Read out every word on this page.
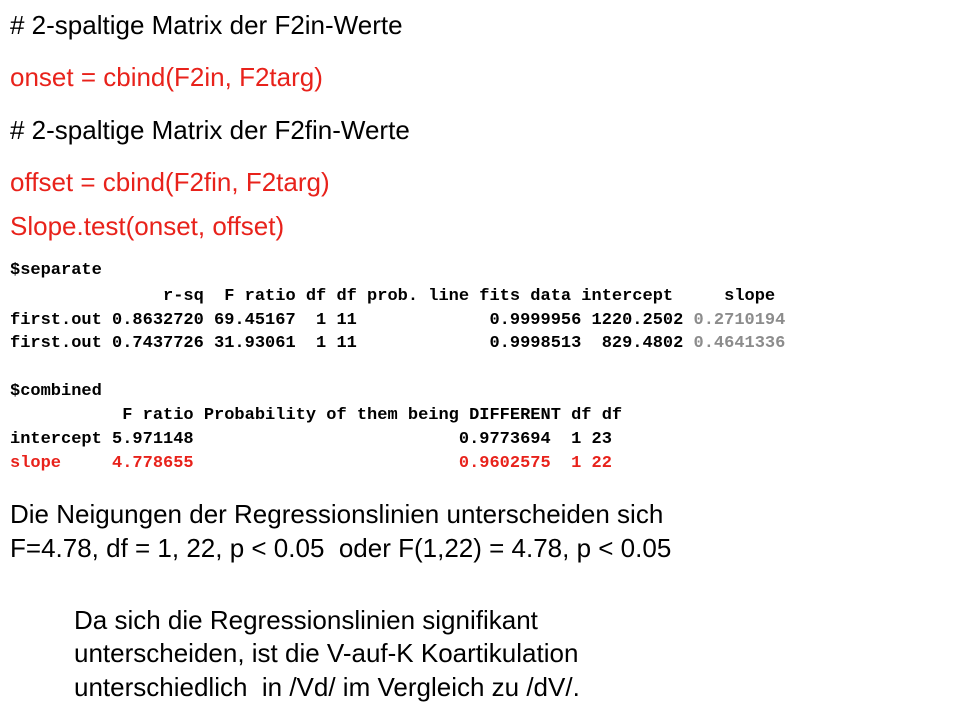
# 2-spaltige Matrix der F2in-Werte
onset = cbind(F2in, F2targ)
# 2-spaltige Matrix der F2fin-Werte
offset = cbind(F2fin, F2targ)
Slope.test(onset, offset)
$separate
r-sq  F ratio df df prob. line fits data intercept     slope
first.out 0.8632720 69.45167  1 11             0.9999956 1220.2502 0.2710194
first.out 0.7437726 31.93061  1 11             0.9998513  829.4802 0.4641336
$combined
F ratio Probability of them being DIFFERENT df df
intercept 5.971148                          0.9773694  1 23
slope     4.778655                          0.9602575  1 22
Die Neigungen der Regressionslinien unterscheiden sich
F=4.78, df = 1, 22, p < 0.05  oder F(1,22) = 4.78, p < 0.05
Da sich die Regressionslinien signifikant
unterscheiden, ist die V-auf-K Koartikulation
unterschiedlich  in /Vd/ im Vergleich zu /dV/.
